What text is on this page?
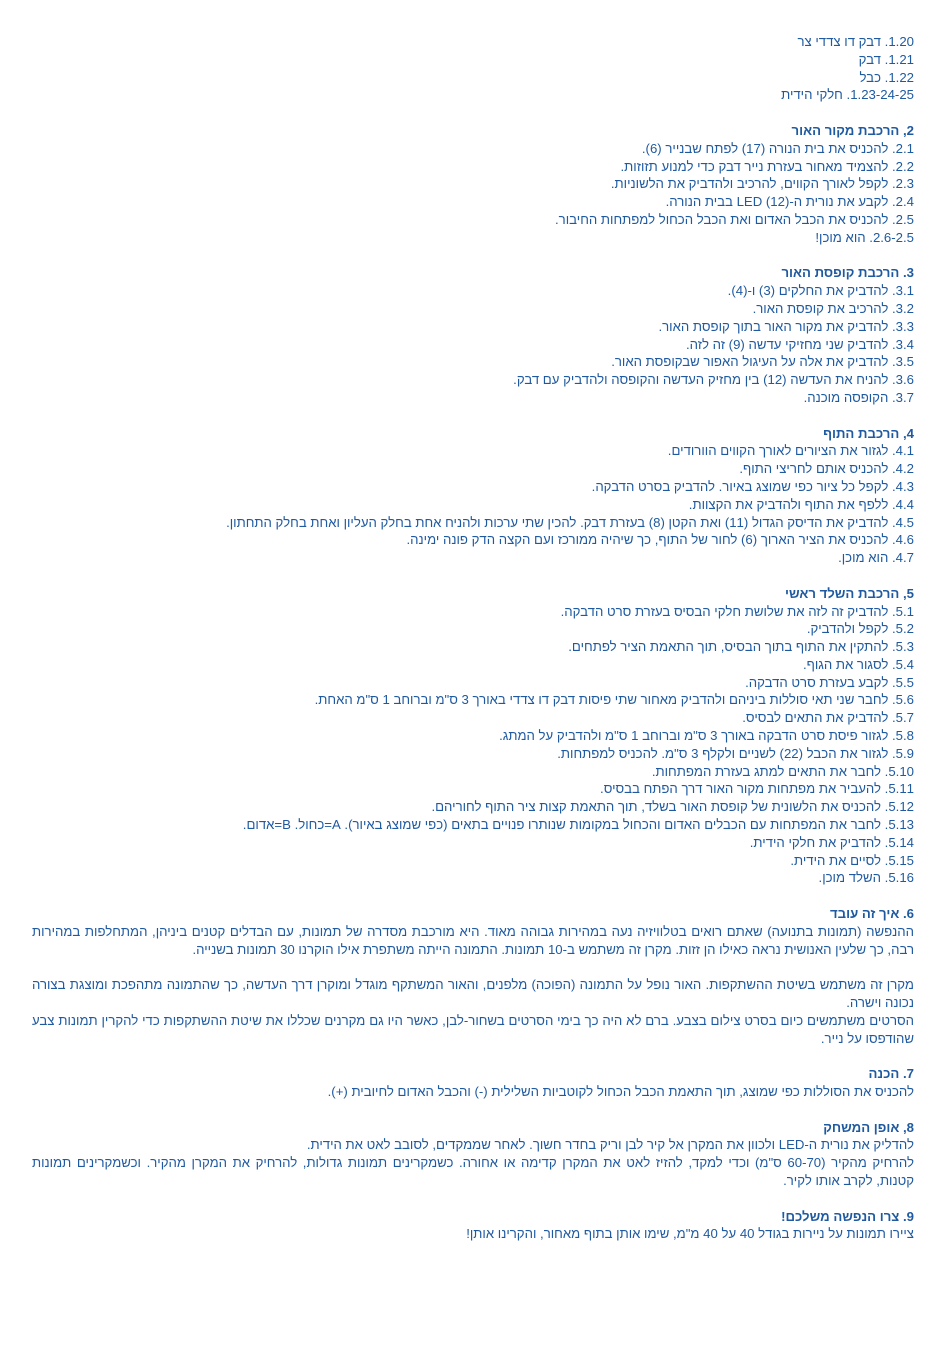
1.20. דבק דו צדדי צר

1.21. דבק

1.22. כבל

1.23-24-25. חלקי הידית

2, הרכבת מקור האור

2.1. להכניס את בית הנורה (17) לפתח שבנייר (6).

2.2. להצמיד מאחור בעזרת נייר דבק כדי למנוע תזוזות.

2.3. לקפל לאורך הקווים, להרכיב ולהדביק את הלשוניות.

2.4. לקבע את נורית ה-LED (12) בבית הנורה.

2.5. להכניס את הכבל האדום ואת הכבל הכחול למפתחות החיבור.

2.6-2.5. הוא מוכן!

3. הרכבת קופסת האור

3.1. להדביק את החלקים (3) ו-(4).

3.2. להרכיב את קופסת האור.

3.3. להדביק את מקור האור בתוך קופסת האור.

3.4. להדביק שני מחזיקי עדשה (9) זה לזה.

3.5. להדביק את אלה על העיגול האפור שבקופסת האור.

3.6. להניח את העדשה (12) בין מחזיק העדשה והקופסה ולהדביק עם דבק.

3.7. הקופסה מוכנה.

4, הרכבת התוף

4.1. לגזור את הציורים לאורך הקווים הוורודים.

4.2. להכניס אותם לחריצי התוף.

4.3. לקפל כל ציור כפי שמוצג באיור. להדביק בסרט הדבקה.

4.4. ללפף את התוף ולהדביק את הקצוות.

4.5. להדביק את הדיסק הגדול (11) ואת הקטן (8) בעזרת דבק. להכין שתי ערכות ולהניח אחת בחלק העליון ואחת בחלק התחתון.

4.6. להכניס את הציר הארוך (6) לחור של התוף, כך שיהיה ממורכז ועם הקצה הדק פונה ימינה.

4.7. הוא מוכן.

5, הרכבת השלד ראשי

5.1. להדביק זה לזה את שלושת חלקי הבסיס בעזרת סרט הדבקה.

5.2. לקפל ולהדביק.

5.3. להתקין את התוף בתוך הבסיס, תוך התאמת הציר לפתחים.

5.4. לסגור את הגוף.

5.5. לקבע בעזרת סרט הדבקה.

5.6. לחבר שני תאי סוללות ביניהם ולהדביק מאחור שתי פיסות דבק דו צדדי באורך 3 ס"מ וברוחב 1 ס"מ האחת.

5.7. להדביק את התאים לבסיס.

5.8. לגזור פיסת סרט הדבקה באורך 3 ס"מ וברוחב 1 ס"מ ולהדביק על המתג.

5.9. לגזור את הכבל (22) לשניים ולקלף 3 ס"מ. להכניס למפתחות.

5.10. לחבר את התאים למתג בעזרת המפתחות.

5.11. להעביר את מפתחות מקור האור דרך הפתח בבסיס.

5.12. להכניס את הלשונית של קופסת האור בשלד, תוך התאמת קצות ציר התוף לחוריהם.

5.13. לחבר את המפתחות עם הכבלים האדום והכחול במקומות שנותרו פנויים בתאים (כפי שמוצג באיור). A=כחול. B=אדום.

5.14. להדביק את חלקי הידית.

5.15. לסיים את הידית.

5.16. השלד מוכן.

6. איך זה עובד

ההנפשה (תמונות בתנועה) שאתם רואים בטלוויזיה נעה במהירות גבוהה מאוד. היא מורכבת מסדרה של תמונות, עם הבדלים קטנים ביניהן, המתחלפות במהירות רבה, כך שלעין האנושית נראה כאילו הן זזות. מקרן זה משתמש ב-10 תמונות. התמונה הייתה משתפרת אילו הוקרנו 30 תמונות בשנייה.

מקרן זה משתמש בשיטת ההשתקפות. האור נופל על התמונה (הפוכה) מלפנים, והאור המשתקף מוגדל ומוקרן דרך העדשה, כך שהתמונה מתהפכת ומוצגת בצורה נכונה וישרה.

הסרטים משתמשים כיום בסרט צילום בצבע. ברם לא היה כך בימי הסרטים בשחור-לבן, כאשר היו גם מקרנים שכללו את שיטת ההשתקפות כדי להקרין תמונות צבע שהודפסו על נייר.

7. הכנה

להכניס את הסוללות כפי שמוצג, תוך התאמת הכבל הכחול לקוטביות השלילית (-) והכבל האדום לחיובית (+).

8, אופן המשחק

להדליק את נורית ה-LED ולכוון את המקרן אל קיר לבן וריק בחדר חשוך. לאחר שממקדים, לסובב לאט את הידית.

להרחיק מהקיר (60-70 ס"מ) וכדי למקד, להזיז לאט את המקרן קדימה או אחורה. כשמקרינים תמונות גדולות, להרחיק את המקרן מהקיר. וכשמקרינים תמונות קטנות, לקרב אותו לקיר.

9. צרו הנפשה משלכם!

ציירו תמונות על ניירות בגודל 40 על 40 מ"מ, שימו אותן בתוף מאחור, והקרינו אותן!
